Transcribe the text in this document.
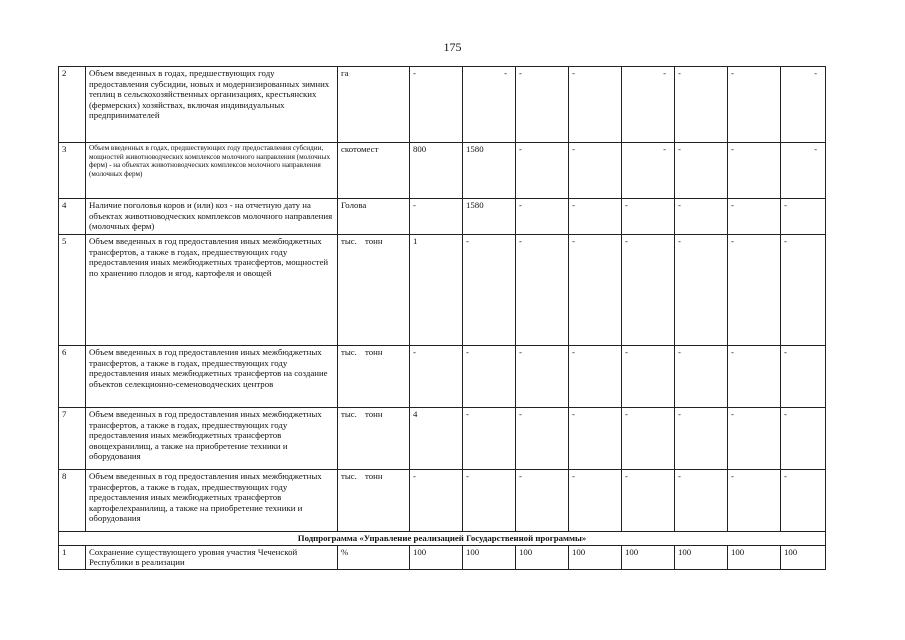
175
2	Объем введенных в годах, предшествующих году предоставления субсидии, новых и модернизированных зимних теплиц в сельскохозяйственных организациях, крестьянских (фермерских) хозяйствах, включая индивидуальных предпринимателей	га	-	-	-	-	-	-	-	-
3	Объем введенных в годах, предшествующих году предоставления субсидии, мощностей животноводческих комплексов молочного направления (молочных ферм) - на объектах животноводческих комплексов молочного направления (молочных ферм)	скотомест	800	1580	-	-	-	-	-	-
4	Наличие поголовья коров и (или) коз - на отчетную дату на объектах животноводческих комплексов молочного направления (молочных ферм)	Голова	-	1580	-	-	-	-	-	-
5	Объем введенных в год предоставления иных межбюджетных трансфертов, а также в годах, предшествующих году предоставления иных межбюджетных трансфертов, мощностей по хранению плодов и ягод, картофеля и овощей	тыс. тонн	1	-	-	-	-	-	-	-
6	Объем введенных в год предоставления иных межбюджетных трансфертов, а также в годах, предшествующих году предоставления иных межбюджетных трансфертов на создание объектов селекционно-семеноводческих центров	тыс. тонн	-	-	-	-	-	-	-	-
7	Объем введенных в год предоставления иных межбюджетных трансфертов, а также в годах, предшествующих году предоставления иных межбюджетных трансфертов овощехранилищ, а также на приобретение техники и оборудования	тыс. тонн	4	-	-	-	-	-	-	-
8	Объем введенных в год предоставления иных межбюджетных трансфертов, а также в годах, предшествующих году предоставления иных межбюджетных трансфертов картофелехранилищ, а также на приобретение техники и оборудования	тыс. тонн	-	-	-	-	-	-	-	-
Подпрограмма «Управление реализацией Государственной программы»										
1	Сохранение существующего уровня участия Чеченской Республики в реализации	%	100	100	100	100	100	100	100	100
